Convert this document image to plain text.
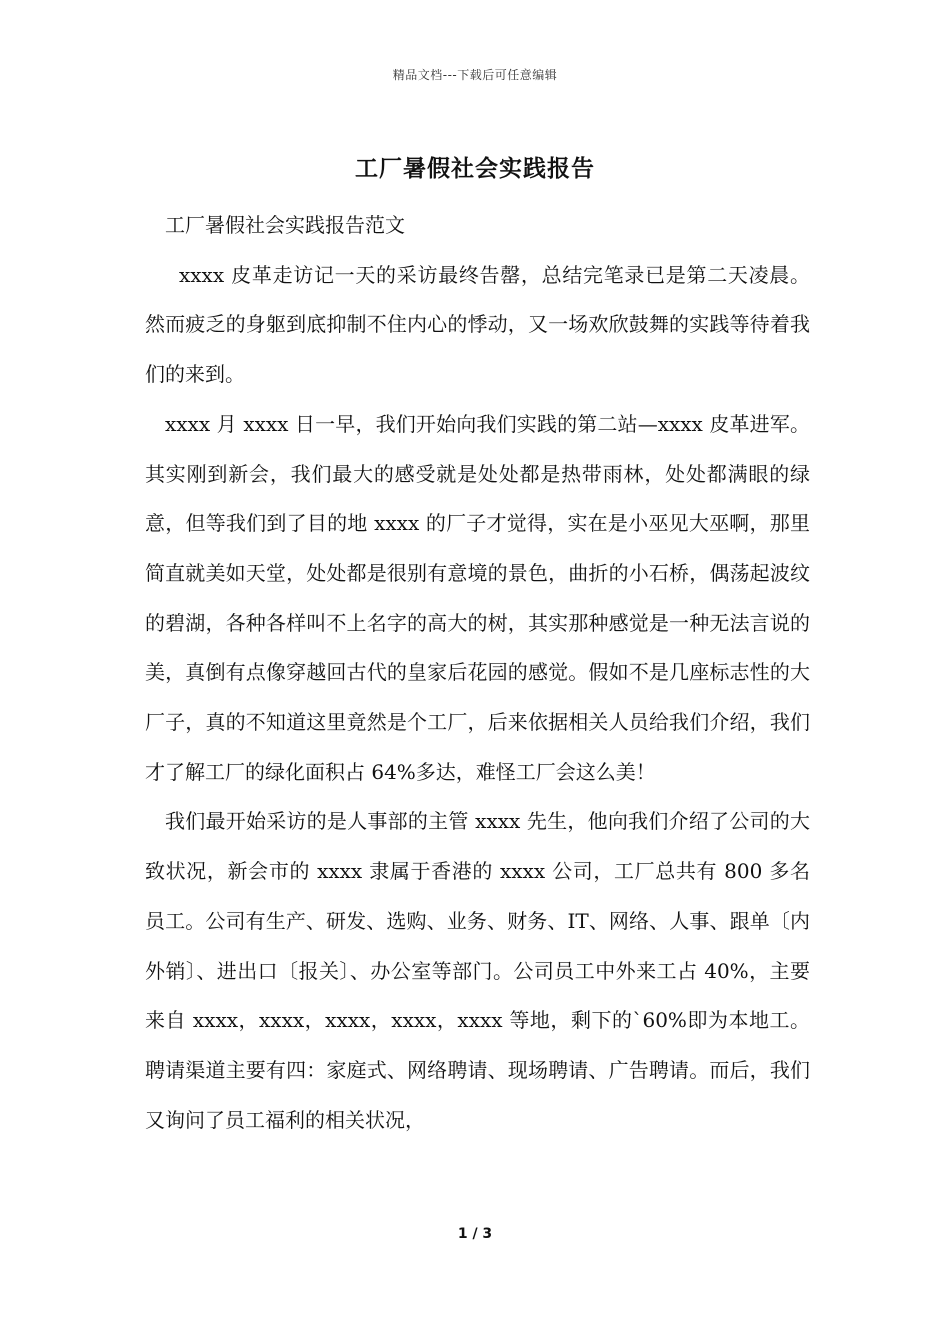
精品文档---下载后可任意编辑
工厂暑假社会实践报告

工厂暑假社会实践报告范文

xxxx 皮革走访记一天的采访最终告罄，总结完笔录已是第二天凌晨。然而疲乏的身躯到底抑制不住内心的悸动，又一场欢欣鼓舞的实践等待着我们的来到。

xxxx 月 xxxx 日一早，我们开始向我们实践的第二站—xxxx 皮革进军。其实刚到新会，我们最大的感受就是处处都是热带雨林，处处都满眼的绿意，但等我们到了目的地 xxxx 的厂子才觉得，实在是小巫见大巫啊，那里简直就美如天堂，处处都是很别有意境的景色，曲折的小石桥，偶荡起波纹的碧湖，各种各样叫不上名字的高大的树，其实那种感觉是一种无法言说的美，真倒有点像穿越回古代的皇家后花园的感觉。假如不是几座标志性的大厂子，真的不知道这里竟然是个工厂，后来依据相关人员给我们介绍，我们才了解工厂的绿化面积占 64%多达，难怪工厂会这么美！

我们最开始采访的是人事部的主管 xxxx 先生，他向我们介绍了公司的大致状况，新会市的 xxxx 隶属于香港的 xxxx 公司，工厂总共有 800 多名员工。公司有生产、研发、选购、业务、财务、IT、网络、人事、跟单〔内外销〕、进出口〔报关〕、办公室等部门。公司员工中外来工占 40%，主要来自 xxxx，xxxx，xxxx，xxxx，xxxx 等地，剩下的`60%即为本地工。聘请渠道主要有四：家庭式、网络聘请、现场聘请、广告聘请。而后，我们又询问了员工福利的相关状况，

1 / 3
